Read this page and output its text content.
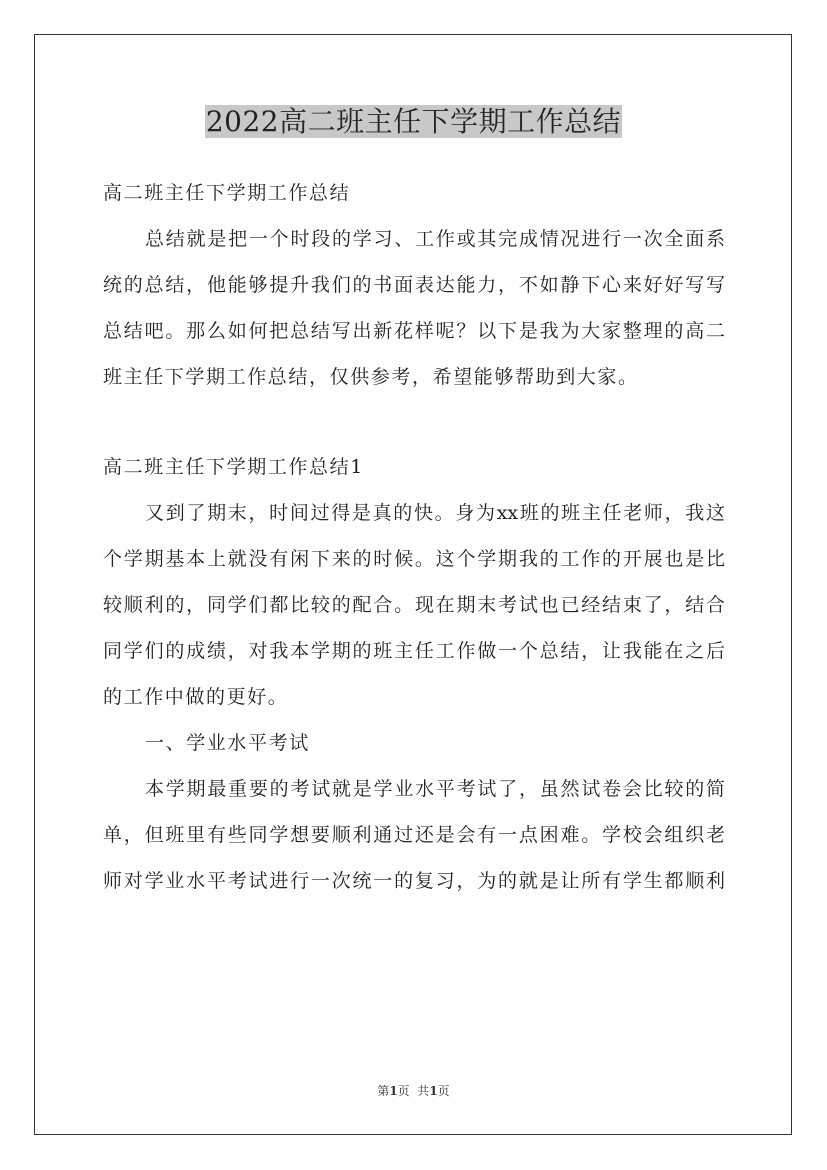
2022高二班主任下学期工作总结
高二班主任下学期工作总结
总结就是把一个时段的学习、工作或其完成情况进行一次全面系
统的总结，他能够提升我们的书面表达能力，不如静下心来好好写写
总结吧。那么如何把总结写出新花样呢？以下是我为大家整理的高二
班主任下学期工作总结，仅供参考，希望能够帮助到大家。
高二班主任下学期工作总结1
又到了期末，时间过得是真的快。身为xx班的班主任老师，我这
个学期基本上就没有闲下来的时候。这个学期我的工作的开展也是比
较顺利的，同学们都比较的配合。现在期末考试也已经结束了，结合
同学们的成绩，对我本学期的班主任工作做一个总结，让我能在之后
的工作中做的更好。
一、学业水平考试
本学期最重要的考试就是学业水平考试了，虽然试卷会比较的简
单，但班里有些同学想要顺利通过还是会有一点困难。学校会组织老
师对学业水平考试进行一次统一的复习，为的就是让所有学生都顺利
第1页  共1页
